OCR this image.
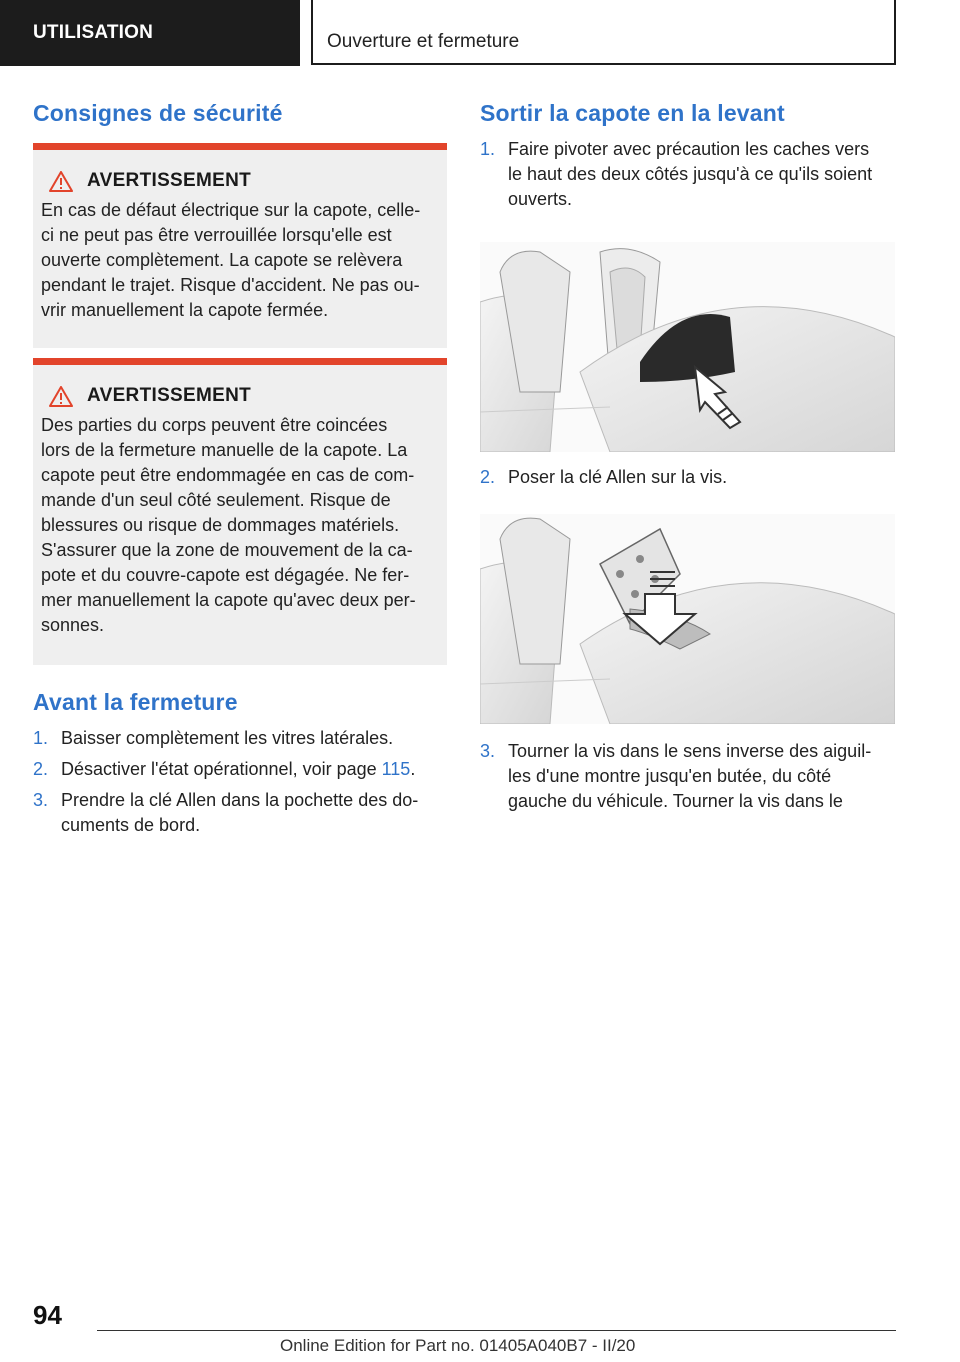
UTILISATION	Ouverture et fermeture
Consignes de sécurité
AVERTISSEMENT
En cas de défaut électrique sur la capote, celle-
ci ne peut pas être verrouillée lorsqu'elle est
ouverte complètement. La capote se relèvera
pendant le trajet. Risque d'accident. Ne pas ou-
vrir manuellement la capote fermée.
AVERTISSEMENT
Des parties du corps peuvent être coincées
lors de la fermeture manuelle de la capote. La
capote peut être endommagée en cas de com-
mande d'un seul côté seulement. Risque de
blessures ou risque de dommages matériels.
S'assurer que la zone de mouvement de la ca-
pote et du couvre-capote est dégagée. Ne fer-
mer manuellement la capote qu'avec deux per-
sonnes.
Avant la fermeture
1. Baisser complètement les vitres latérales.
2. Désactiver l'état opérationnel, voir page 115.
3. Prendre la clé Allen dans la pochette des do-
cuments de bord.
Sortir la capote en la levant
1. Faire pivoter avec précaution les caches vers
le haut des deux côtés jusqu'à ce qu'ils soient
ouverts.
2. Poser la clé Allen sur la vis.
3. Tourner la vis dans le sens inverse des aiguil-
les d'une montre jusqu'en butée, du côté
gauche du véhicule. Tourner la vis dans le
94
Online Edition for Part no. 01405A040B7 - II/20
